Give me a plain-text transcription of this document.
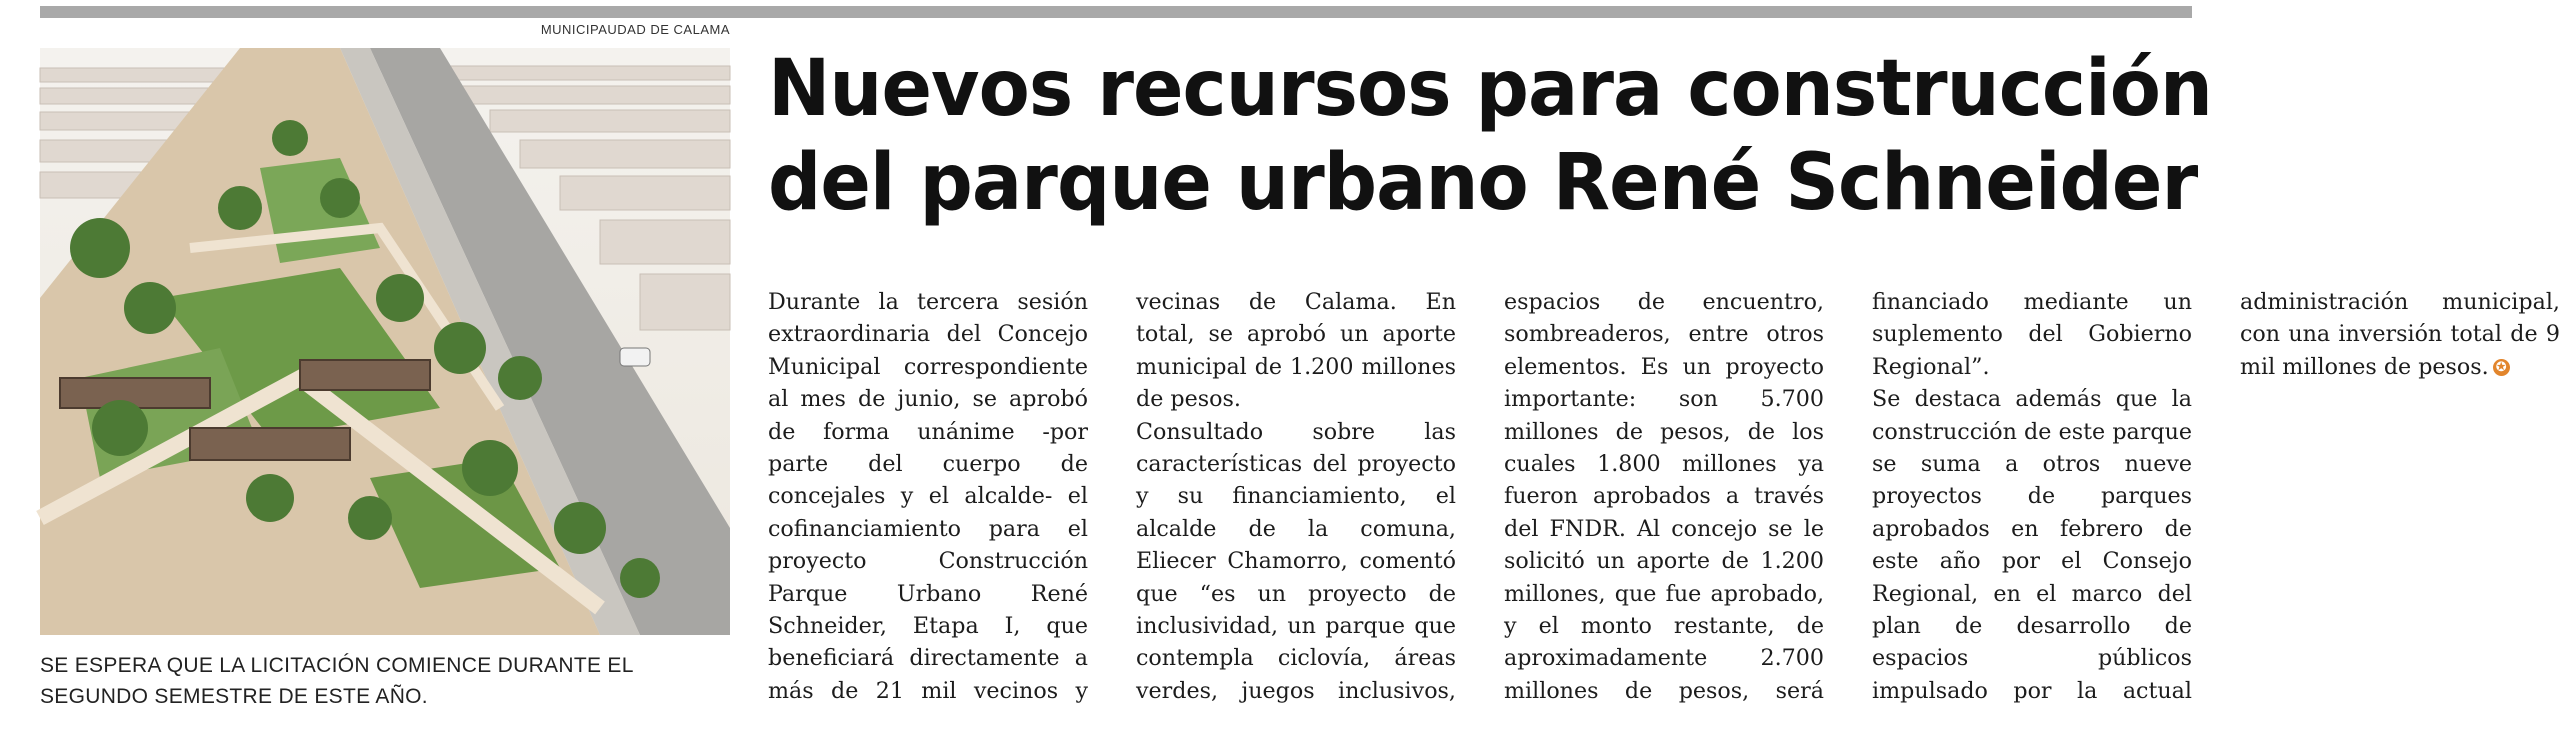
MUNICIPAUDAD DE CALAMA
SE ESPERA QUE LA LICITACIÓN COMIENCE DURANTE EL SEGUNDO SEMESTRE DE ESTE AÑO.
Nuevos recursos para construcción
del parque urbano René Schneider

Durante la tercera sesión extraordinaria del Concejo Municipal correspondiente al mes de junio, se aprobó de forma unánime -por parte del cuerpo de concejales y el alcalde- el cofinanciamiento para el proyecto Construcción Parque Urbano René Schneider, Etapa I, que beneficiará directamente a más de 21 mil vecinos y vecinas de Calama. En total, se aprobó un aporte municipal de 1.200 millones de pesos.

Consultado sobre las características del proyecto y su financiamiento, el alcalde de la comuna, Eliecer Chamorro, comentó que “es un proyecto de inclusividad, un parque que contempla ciclovía, áreas verdes, juegos inclusivos, espacios de encuentro, sombreaderos, entre otros elementos. Es un proyecto importante: son 5.700 millones de pesos, de los cuales 1.800 millones ya fueron aprobados a través del FNDR. Al concejo se le solicitó un aporte de 1.200 millones, que fue aprobado, y el monto restante, de aproximadamente 2.700 millones de pesos, será financiado mediante un suplemento del Gobierno Regional”.

Se destaca además que la construcción de este parque se suma a otros nueve proyectos de parques aprobados en febrero de este año por el Consejo Regional, en el marco del plan de desarrollo de espacios públicos impulsado por la actual administración municipal, con una inversión total de 9 mil millones de pesos. ✪
